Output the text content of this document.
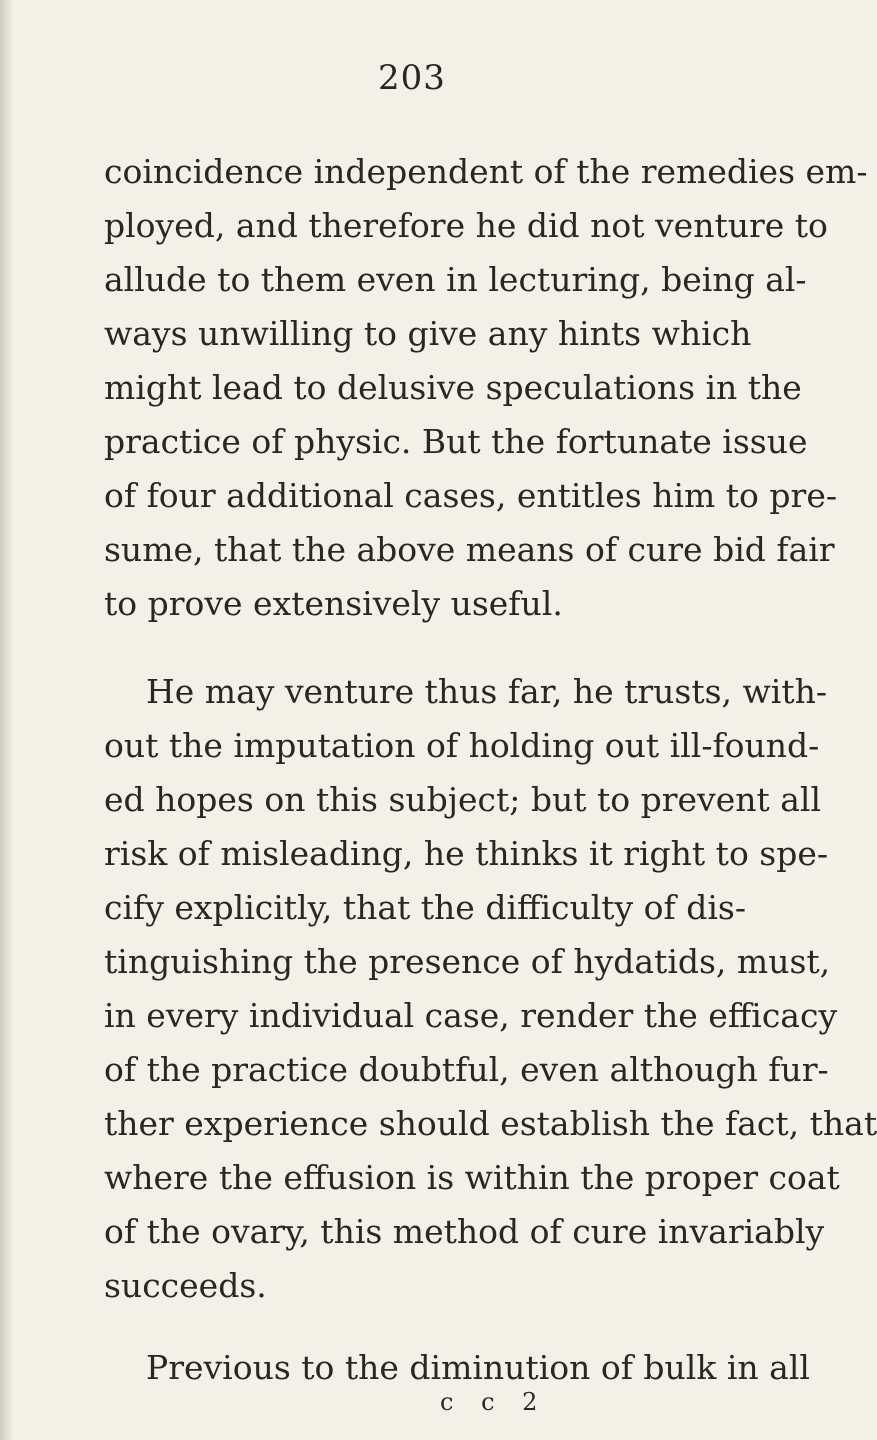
203
coincidence independent of the remedies em-
ployed, and therefore he did not venture to
allude to them even in lecturing, being al-
ways unwilling to give any hints which
might lead to delusive speculations in the
practice of physic. But the fortunate issue
of four additional cases, entitles him to pre-
sume, that the above means of cure bid fair
to prove extensively useful.
He may venture thus far, he trusts, with-
out the imputation of holding out ill-found-
ed hopes on this subject; but to prevent all
risk of misleading, he thinks it right to spe-
cify explicitly, that the difficulty of dis-
tinguishing the presence of hydatids, must,
in every individual case, render the efficacy
of the practice doubtful, even although fur-
ther experience should establish the fact, that
where the effusion is within the proper coat
of the ovary, this method of cure invariably
succeeds.
Previous to the diminution of bulk in all
c c 2
